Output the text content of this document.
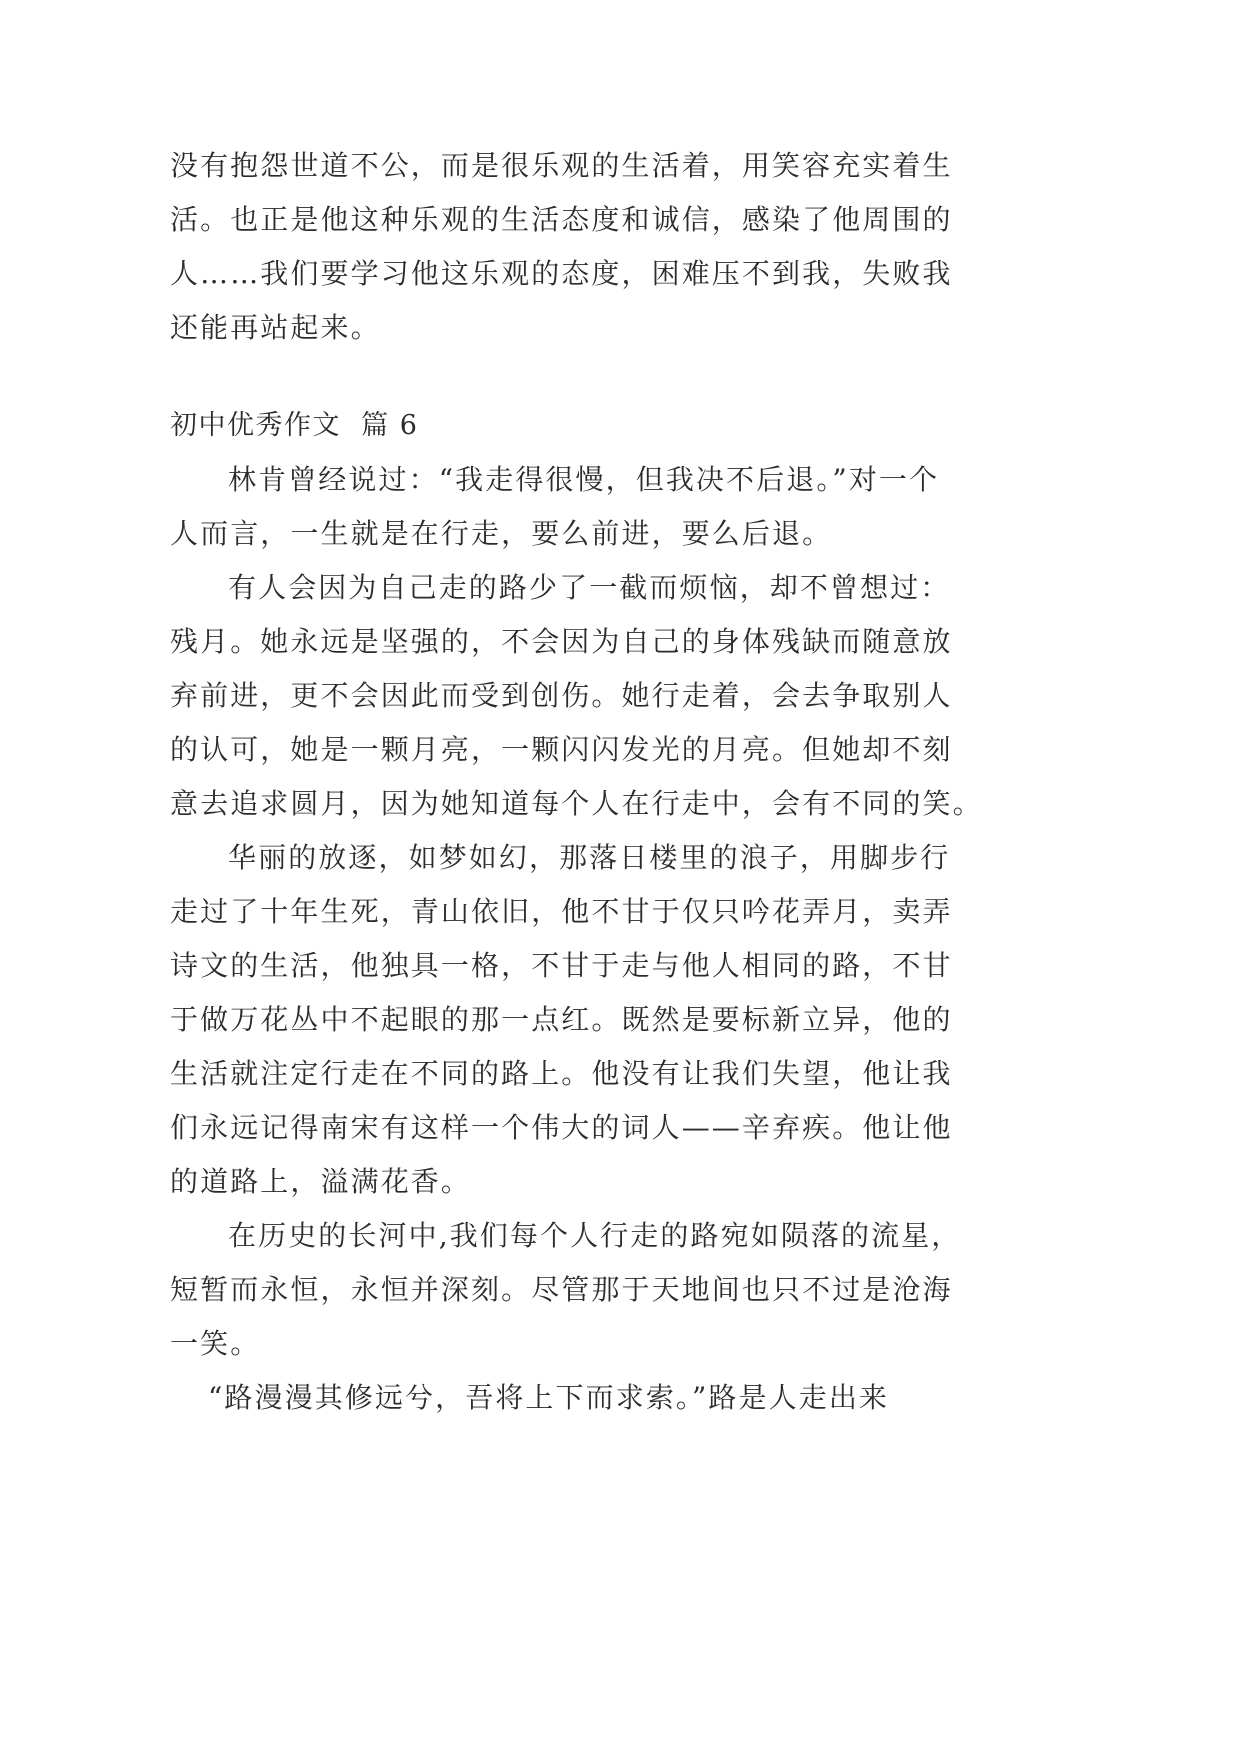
没有抱怨世道不公，而是很乐观的生活着，用笑容充实着生
活。也正是他这种乐观的生活态度和诚信，感染了他周围的
人……我们要学习他这乐观的态度，困难压不到我，失败我
还能再站起来。
初中优秀作文  篇 6
林肯曾经说过：“我走得很慢，但我决不后退。”对一个
人而言，一生就是在行走，要么前进，要么后退。
有人会因为自己走的路少了一截而烦恼，却不曾想过：
残月。她永远是坚强的，不会因为自己的身体残缺而随意放
弃前进，更不会因此而受到创伤。她行走着，会去争取别人
的认可，她是一颗月亮，一颗闪闪发光的月亮。但她却不刻
意去追求圆月，因为她知道每个人在行走中，会有不同的笑。
华丽的放逐，如梦如幻，那落日楼里的浪子，用脚步行
走过了十年生死，青山依旧，他不甘于仅只吟花弄月，卖弄
诗文的生活，他独具一格，不甘于走与他人相同的路，不甘
于做万花丛中不起眼的那一点红。既然是要标新立异，他的
生活就注定行走在不同的路上。他没有让我们失望，他让我
们永远记得南宋有这样一个伟大的词人——辛弃疾。他让他
的道路上，溢满花香。
在历史的长河中,我们每个人行走的路宛如陨落的流星，
短暂而永恒，永恒并深刻。尽管那于天地间也只不过是沧海
一笑。
“路漫漫其修远兮，吾将上下而求索。”路是人走出来
